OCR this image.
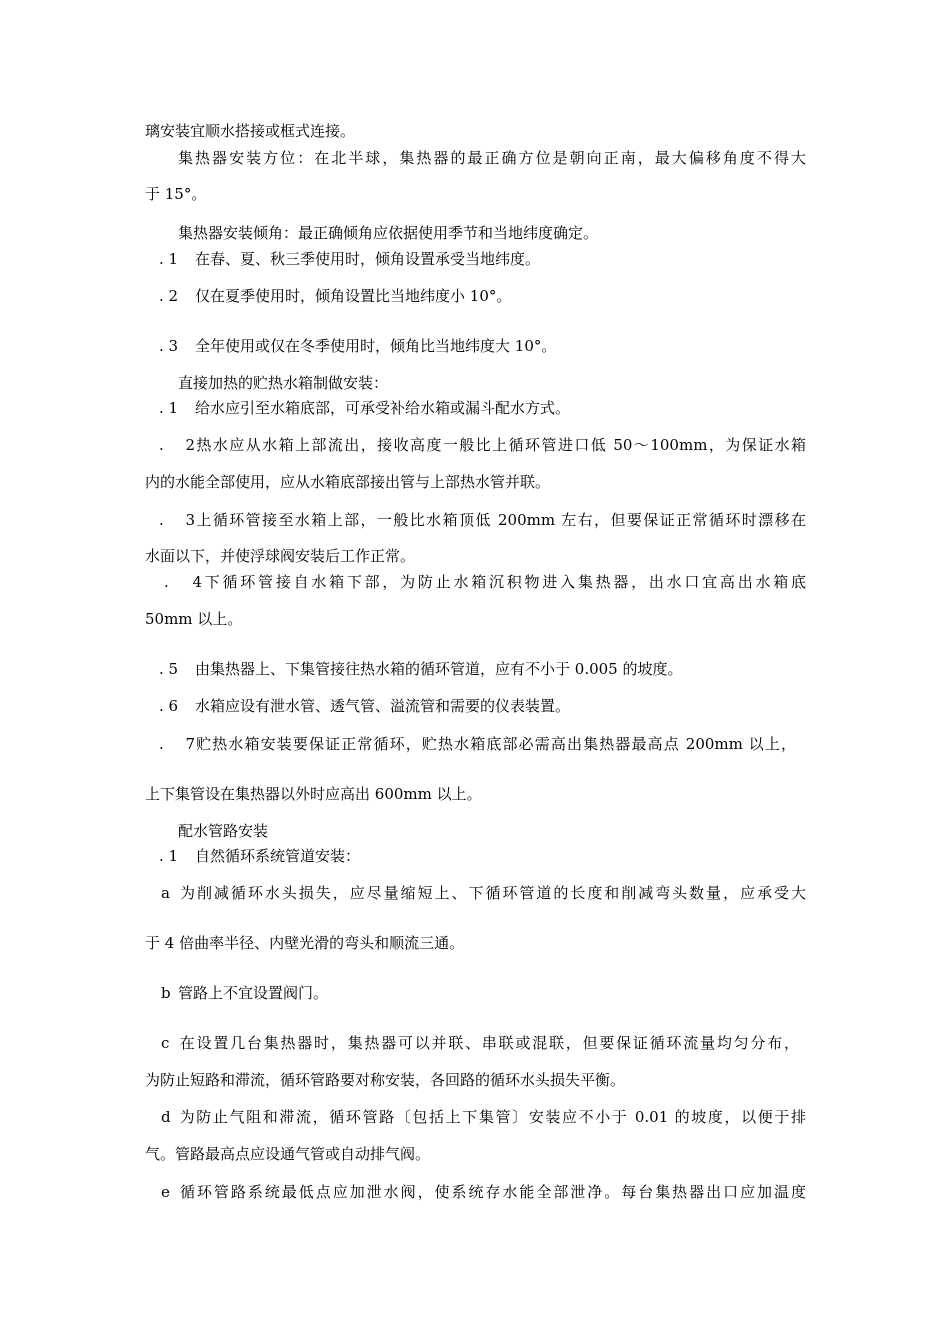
璃安装宜顺水搭接或框式连接。
集热器安装方位：在北半球，集热器的最正确方位是朝向正南，最大偏移角度不得大
于 15°。
集热器安装倾角：最正确倾角应依据使用季节和当地纬度确定。
. 1 在春、夏、秋三季使用时，倾角设置承受当地纬度。
. 2 仅在夏季使用时，倾角设置比当地纬度小 10°。
. 3 全年使用或仅在冬季使用时，倾角比当地纬度大 10°。
直接加热的贮热水箱制做安装：
. 1 给水应引至水箱底部，可承受补给水箱或漏斗配水方式。
. 2热水应从水箱上部流出，接收高度一般比上循环管进口低 50～100mm，为保证水箱
内的水能全部使用，应从水箱底部接出管与上部热水管并联。
. 3上循环管接至水箱上部，一般比水箱顶低 200mm 左右，但要保证正常循环时漂移在
水面以下，并使浮球阀安装后工作正常。
. 4下循环管接自水箱下部，为防止水箱沉积物进入集热器，出水口宜高出水箱底
50mm 以上。
. 5 由集热器上、下集管接往热水箱的循环管道，应有不小于 0.005 的坡度。
. 6 水箱应设有泄水管、透气管、溢流管和需要的仪表装置。
. 7贮热水箱安装要保证正常循环，贮热水箱底部必需高出集热器最高点 200mm 以上，
上下集管设在集热器以外时应高出 600mm 以上。
配水管路安装
. 1 自然循环系统管道安装：
a 为削减循环水头损失，应尽量缩短上、下循环管道的长度和削减弯头数量，应承受大
于 4 倍曲率半径、内壁光滑的弯头和顺流三通。
b 管路上不宜设置阀门。
c 在设置几台集热器时，集热器可以并联、串联或混联，但要保证循环流量均匀分布，
为防止短路和滞流，循环管路要对称安装，各回路的循环水头损失平衡。
d 为防止气阻和滞流，循环管路〔包括上下集管〕安装应不小于 0.01 的坡度，以便于排
气。管路最高点应设通气管或自动排气阀。
e 循环管路系统最低点应加泄水阀，使系统存水能全部泄净。每台集热器出口应加温度
